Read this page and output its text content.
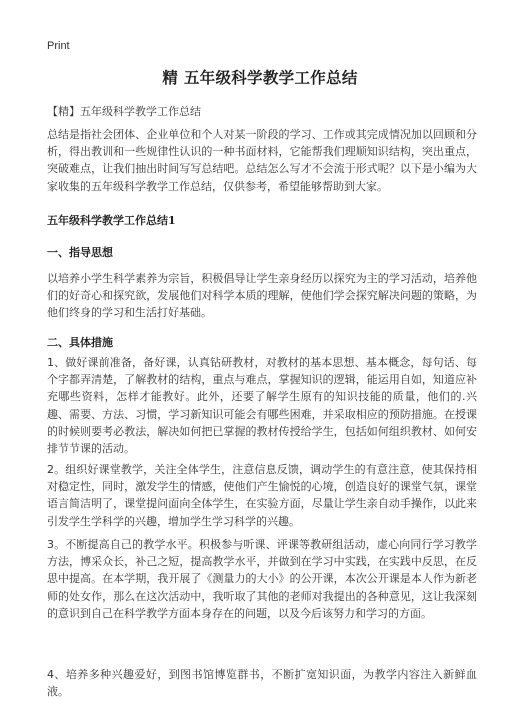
Print
精 五年级科学教学工作总结
【精】五年级科学教学工作总结

总结是指社会团体、企业单位和个人对某一阶段的学习、工作或其完成情况加以回顾和分析，得出教训和一些规律性认识的一种书面材料，它能帮我们理顺知识结构，突出重点，突破难点，让我们抽出时间写写总结吧。总结怎么写才不会流于形式呢？以下是小编为大家收集的五年级科学教学工作总结，仅供参考，希望能够帮助到大家。

五年级科学教学工作总结1
一、指导思想

以培养小学生科学素养为宗旨，积极倡导让学生亲身经历以探究为主的学习活动，培养他们的好奇心和探究欲，发展他们对科学本质的理解，使他们学会探究解决问题的策略，为他们终身的学习和生活打好基础。

二、具体措施

1、做好课前准备，备好课，认真钻研教材，对教材的基本思想、基本概念，每句话、每个字都弄清楚，了解教材的结构，重点与难点，掌握知识的逻辑，能运用自如，知道应补充哪些资料，怎样才能教好。此外，还要了解学生原有的知识技能的质量，他们的.兴趣、需要、方法、习惯，学习新知识可能会有哪些困难，并采取相应的预防措施。在授课的时候则要考必教法，解决如何把已掌握的教材传授给学生，包括如何组织教材、如何安排节节课的活动。

2。组织好课堂教学，关注全体学生，注意信息反馈，调动学生的有意注意，使其保持相对稳定性，同时，激发学生的情感，使他们产生愉悦的心境，创造良好的课堂气氛，课堂语言简洁明了，课堂提问面向全体学生，在实验方面，尽量让学生亲自动手操作，以此来引发学生学科学的兴趣，增加学生学习科学的兴趣。

3。不断提高自己的教学水平。积极参与听课、评课等教研组活动，虚心向同行学习教学方法，博采众长，补己之短，提高教学水平，并做到在学习中实践，在实践中反思，在反思中提高。在本学期，我开展了《测量力的大小》的公开课，本次公开课是本人作为新老师的处女作，那么在这次活动中，我听取了其他的老师对我提出的各种意见，这让我深刻的意识到自己在科学教学方面本身存在的问题，以及今后该努力和学习的方面。

4、培养多种兴趣爱好，到图书馆博览群书，不断扩宽知识面，为教学内容注入新鲜血液。
